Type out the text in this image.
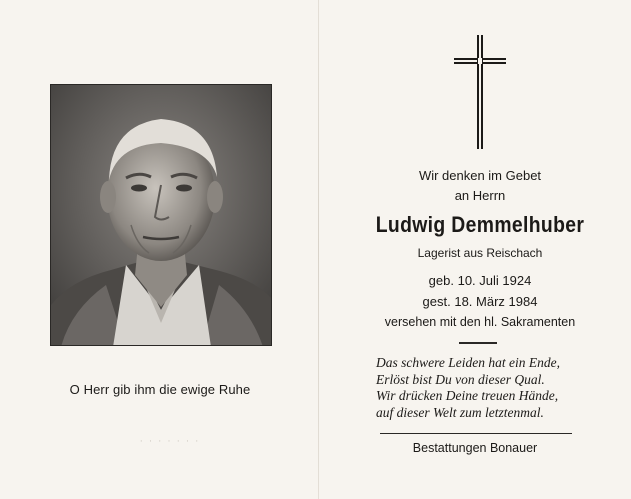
O Herr gib ihm die ewige Ruhe
· · · · · · ·
Wir denken im Gebet
an Herrn
Ludwig Demmelhuber
Lagerist aus Reischach
geb. 10. Juli 1924
gest. 18. März 1984
versehen mit den hl. Sakramenten
Das schwere Leiden hat ein Ende,
Erlöst bist Du von dieser Qual.
Wir drücken Deine treuen Hände,
auf dieser Welt zum letztenmal.
Bestattungen Bonauer
